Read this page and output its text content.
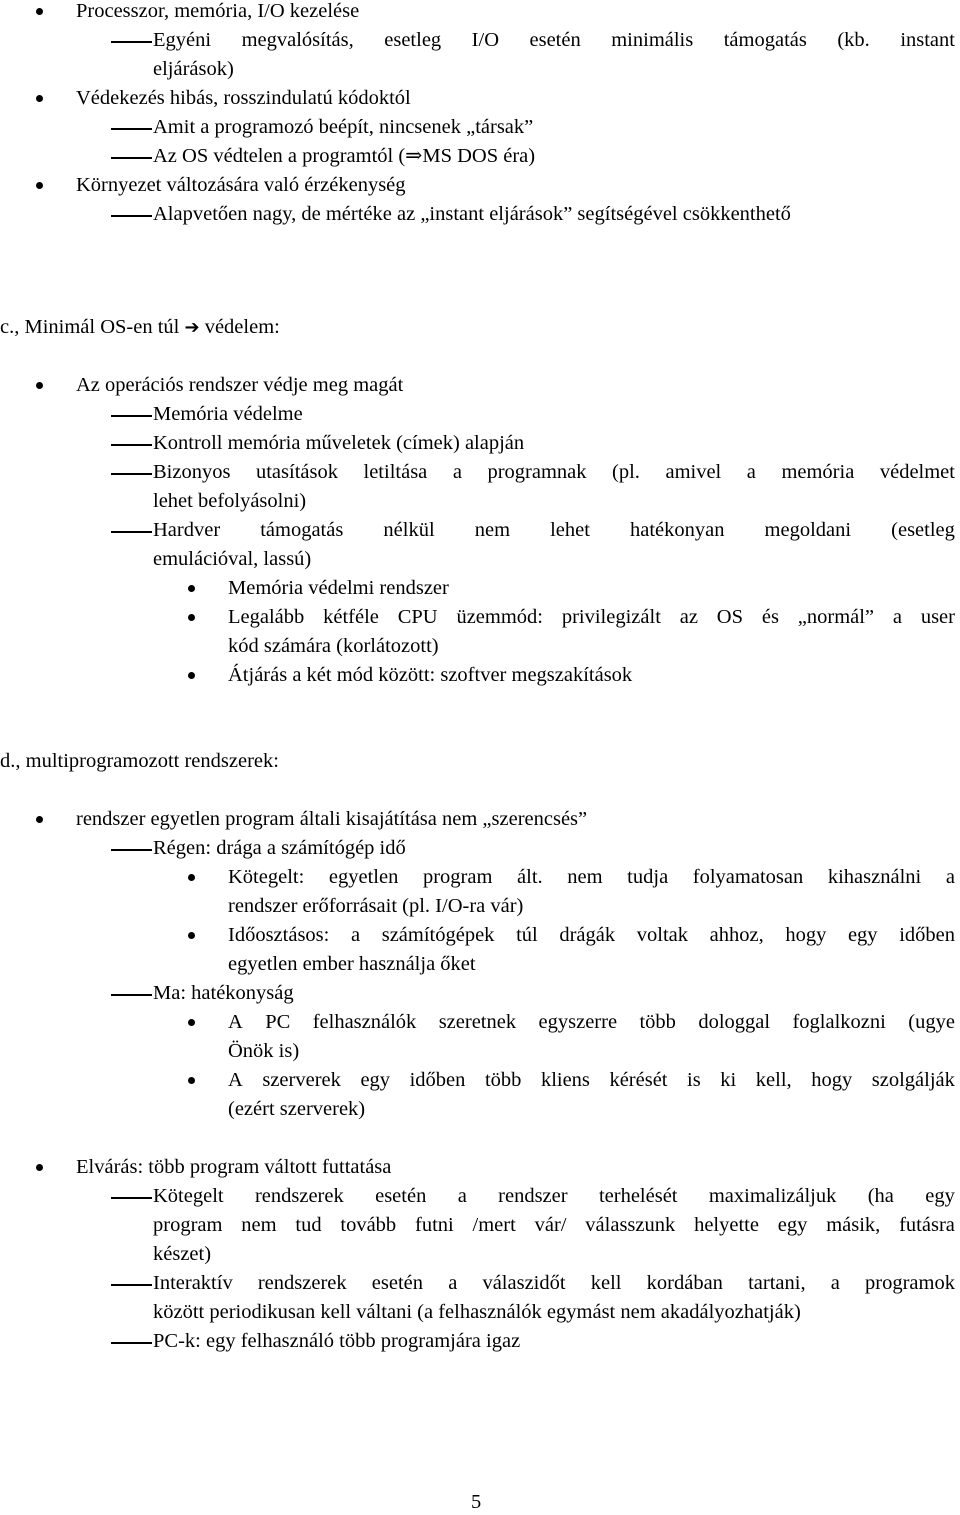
Processzor, memória, I/O kezelése
Egyéni megvalósítás, esetleg I/O esetén minimális támogatás (kb. instant
eljárások)
Védekezés hibás, rosszindulatú kódoktól
Amit a programozó beépít, nincsenek „társak”
Az OS védtelen a programtól (⇒MS DOS éra)
Környezet változására való érzékenység
Alapvetően nagy, de mértéke az „instant eljárások” segítségével csökkenthető
c., Minimál OS-en túl ➔ védelem:
Az operációs rendszer védje meg magát
Memória védelme
Kontroll memória műveletek (címek) alapján
Bizonyos utasítások letiltása a programnak (pl. amivel a memória védelmet
lehet befolyásolni)
Hardver támogatás nélkül nem lehet hatékonyan megoldani (esetleg
emulációval, lassú)
Memória védelmi rendszer
Legalább kétféle CPU üzemmód: privilegizált az OS és „normál” a user
kód számára (korlátozott)
Átjárás a két mód között: szoftver megszakítások
d., multiprogramozott rendszerek:
rendszer egyetlen program általi kisajátítása nem „szerencsés”
Régen: drága a számítógép idő
Kötegelt: egyetlen program ált. nem tudja folyamatosan kihasználni a
rendszer erőforrásait (pl. I/O-ra vár)
Időosztásos: a számítógépek túl drágák voltak ahhoz, hogy egy időben
egyetlen ember használja őket
Ma: hatékonyság
A PC felhasználók szeretnek egyszerre több dologgal foglalkozni (ugye
Önök is)
A szerverek egy időben több kliens kérését is ki kell, hogy szolgálják
(ezért szerverek)
Elvárás: több program váltott futtatása
Kötegelt rendszerek esetén a rendszer terhelését maximalizáljuk (ha egy
program nem tud tovább futni /mert vár/ válasszunk helyette egy másik, futásra
készet)
Interaktív rendszerek esetén a válaszidőt kell kordában tartani, a programok
között periodikusan kell váltani (a felhasználók egymást nem akadályozhatják)
PC-k: egy felhasználó több programjára igaz
5
